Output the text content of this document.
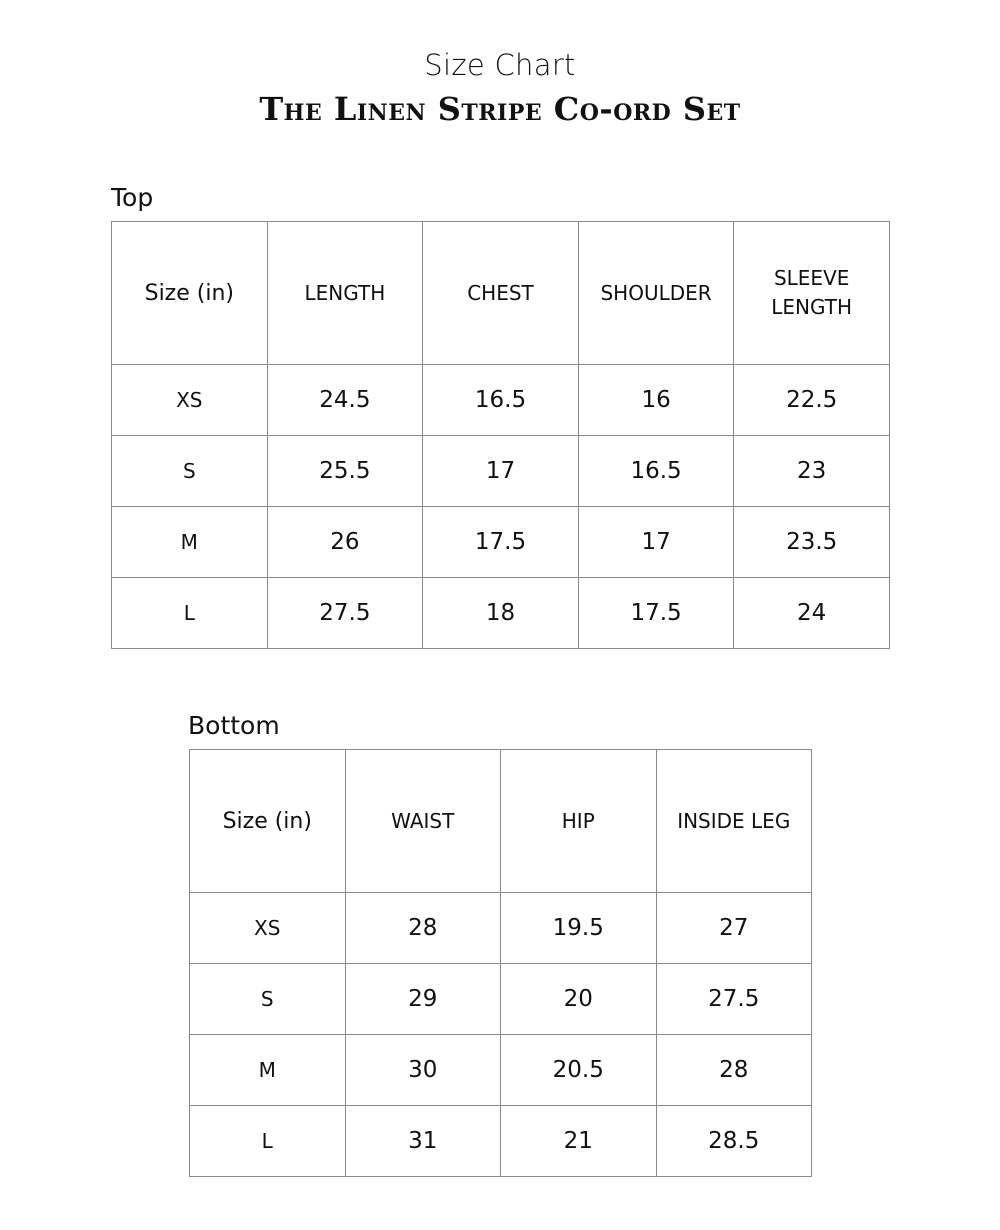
Size Chart
The Linen Stripe Co-ord Set
Top
Size (in)	LENGTH	CHEST	SHOULDER	SLEEVE LENGTH
XS	24.5	16.5	16	22.5
S	25.5	17	16.5	23
M	26	17.5	17	23.5
L	27.5	18	17.5	24
Bottom
Size (in)	WAIST	HIP	INSIDE LEG
XS	28	19.5	27
S	29	20	27.5
M	30	20.5	28
L	31	21	28.5
